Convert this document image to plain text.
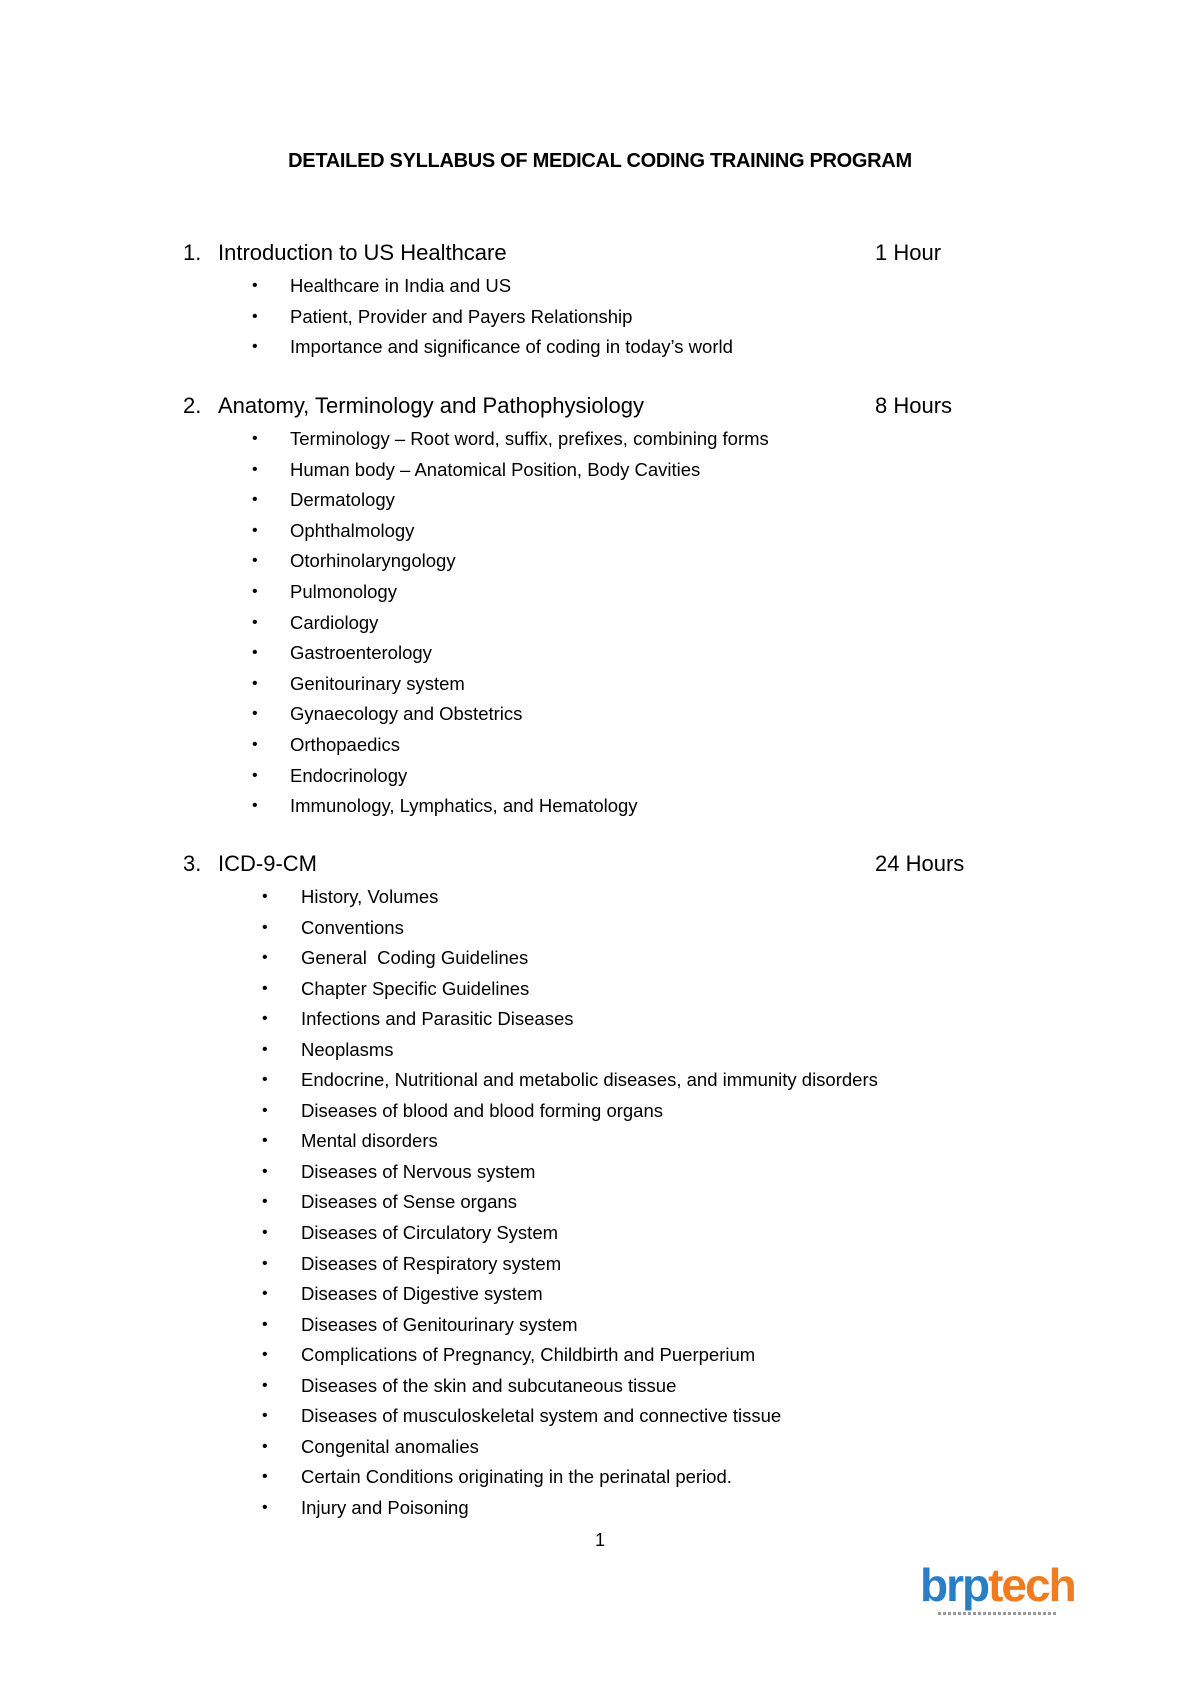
DETAILED SYLLABUS OF MEDICAL CODING TRAINING PROGRAM
1. Introduction to US Healthcare	1 Hour
• Healthcare in India and US
• Patient, Provider and Payers Relationship
• Importance and significance of coding in today’s world
2. Anatomy, Terminology and Pathophysiology	8 Hours
• Terminology – Root word, suffix, prefixes, combining forms
• Human body – Anatomical Position, Body Cavities
• Dermatology
• Ophthalmology
• Otorhinolaryngology
• Pulmonology
• Cardiology
• Gastroenterology
• Genitourinary system
• Gynaecology and Obstetrics
• Orthopaedics
• Endocrinology
• Immunology, Lymphatics, and Hematology
3. ICD-9-CM	24 Hours
• History, Volumes
• Conventions
• General  Coding Guidelines
• Chapter Specific Guidelines
• Infections and Parasitic Diseases
• Neoplasms
• Endocrine, Nutritional and metabolic diseases, and immunity disorders
• Diseases of blood and blood forming organs
• Mental disorders
• Diseases of Nervous system
• Diseases of Sense organs
• Diseases of Circulatory System
• Diseases of Respiratory system
• Diseases of Digestive system
• Diseases of Genitourinary system
• Complications of Pregnancy, Childbirth and Puerperium
• Diseases of the skin and subcutaneous tissue
• Diseases of musculoskeletal system and connective tissue
• Congenital anomalies
• Certain Conditions originating in the perinatal period.
• Injury and Poisoning
1
brptech
